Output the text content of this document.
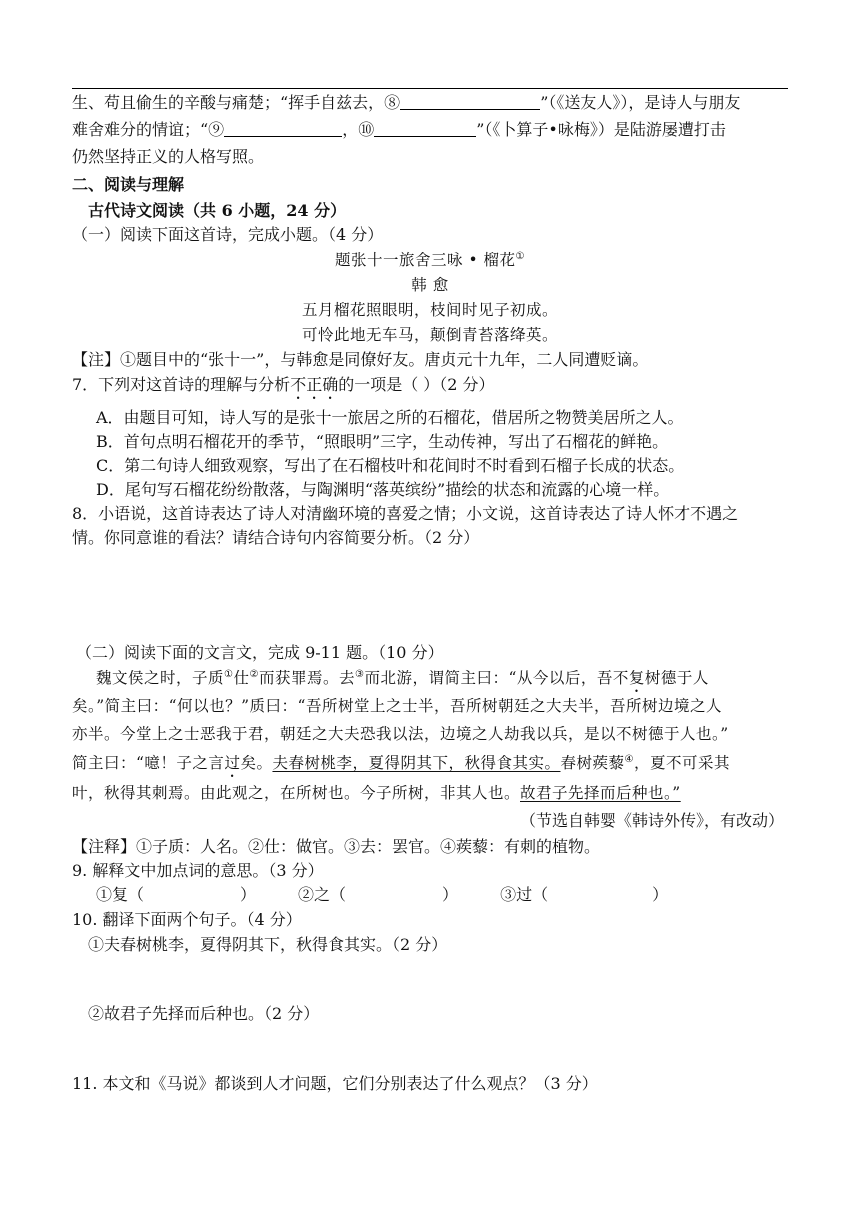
生、苟且偷生的辛酸与痛楚；“挥手自兹去，⑧	”（《送友人》），是诗人与朋友
难舍难分的情谊；“⑨	，⑩	”（《卜算子•咏梅》）是陆游屡遭打击
仍然坚持正义的人格写照。
二、阅读与理解
古代诗文阅读（共 6 小题，24 分）
（一）阅读下面这首诗，完成小题。（4 分）
题张十一旅舍三咏 • 榴花①
韩 愈
五月榴花照眼明，枝间时见子初成。
可怜此地无车马，颠倒青苔落绛英。
【注】①题目中的“张十一”，与韩愈是同僚好友。唐贞元十九年，二人同遭贬谪。
7．下列对这首诗的理解与分析不正确的一项是（ ）（2 分）
A．由题目可知，诗人写的是张十一旅居之所的石榴花，借居所之物赞美居所之人。
B．首句点明石榴花开的季节，“照眼明”三字，生动传神，写出了石榴花的鲜艳。
C．第二句诗人细致观察，写出了在石榴枝叶和花间时不时看到石榴子长成的状态。
D．尾句写石榴花纷纷散落，与陶渊明“落英缤纷”描绘的状态和流露的心境一样。
8．小语说，这首诗表达了诗人对清幽环境的喜爱之情；小文说，这首诗表达了诗人怀才不遇之
情。你同意谁的看法？请结合诗句内容简要分析。（2 分）
（二）阅读下面的文言文，完成 9-11 题。（10 分）
魏文侯之时，子质①仕②而获罪焉。去③而北游，谓简主曰：“从今以后，吾不复树德于人
矣。”简主曰：“何以也？”质曰：“吾所树堂上之士半，吾所树朝廷之大夫半，吾所树边境之人
亦半。今堂上之士恶我于君，朝廷之大夫恐我以法，边境之人劫我以兵，是以不树德于人也。”
简主曰：“噫！子之言过矣。夫春树桃李，夏得阴其下，秋得食其实。春树蒺藜④，夏不可采其
叶，秋得其刺焉。由此观之，在所树也。今子所树，非其人也。故君子先择而后种也。”
（节选自韩婴《韩诗外传》，有改动）
【注释】①子质：人名。②仕：做官。③去：罢官。④蒺藜：有刺的植物。
9. 解释文中加点词的意思。（3 分）
①复（	）	②之（	）	③过（	）
10. 翻译下面两个句子。（4 分）
①夫春树桃李，夏得阴其下，秋得食其实。（2 分）
②故君子先择而后种也。（2 分）
11. 本文和《马说》都谈到人才问题，它们分别表达了什么观点？（3 分）
